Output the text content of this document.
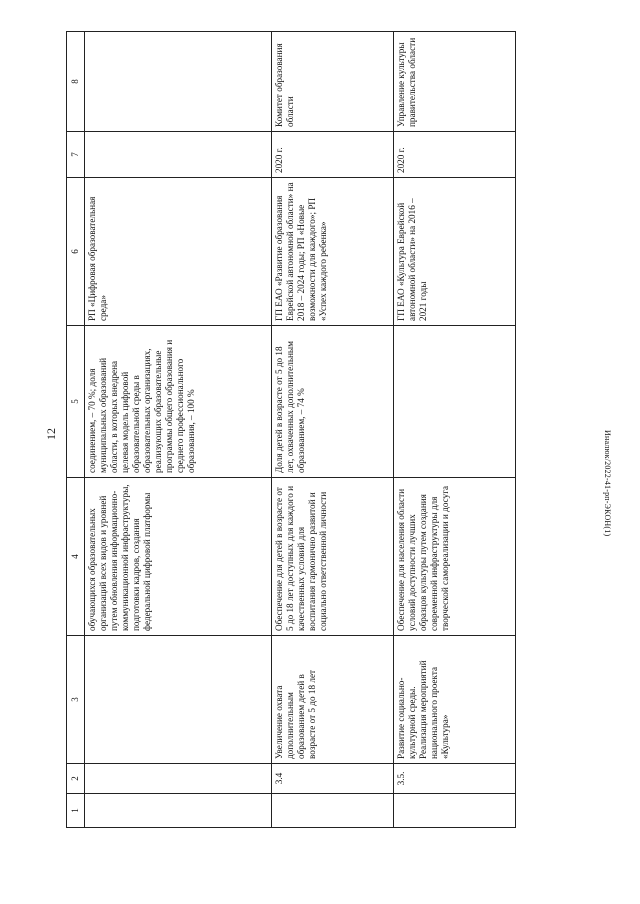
12	Иналюк/2022-41-рп-ЭКОН(1)
1	2	3	4	5	6	7	8
			обучающихся образовательных организаций всех видов и уровней путем обновления информационно-коммуникационной инфраструктуры, подготовки кадров, создания федеральной цифровой платформы	соединением, – 70 %; доля муниципальных образований области, в которых внедрена целевая модель цифровой образовательной среды в образовательных организациях, реализующих образовательные программы общего образования и среднего профессионального образования, – 100 %	РП «Цифровая образовательная среда»		
	3.4	Увеличение охвата дополнительным образованием детей в возрасте от 5 до 18 лет	Обеспечение для детей в возрасте от 5 до 18 лет доступных для каждого и качественных условий для воспитания гармонично развитой и социально ответственной личности	Доля детей в возрасте от 5 до 18 лет, охваченных дополнительным образованием, – 74 %	ГП ЕАО «Развитие образования Еврейской автономной области» на 2018 – 2024 годы; РП «Новые возможности для каждого»; РП «Успех каждого ребенка»	2020 г.	Комитет образования области
	3.5.	Развитие социально-культурной среды. Реализация мероприятий национального проекта «Культура»	Обеспечение для населения области условий доступности лучших образцов культуры путем создания современной инфраструктуры для творческой самореализации и досуга		ГП ЕАО «Культура Еврейской автономной области» на 2016 – 2021 годы	2020 г.	Управление культуры правительства области
